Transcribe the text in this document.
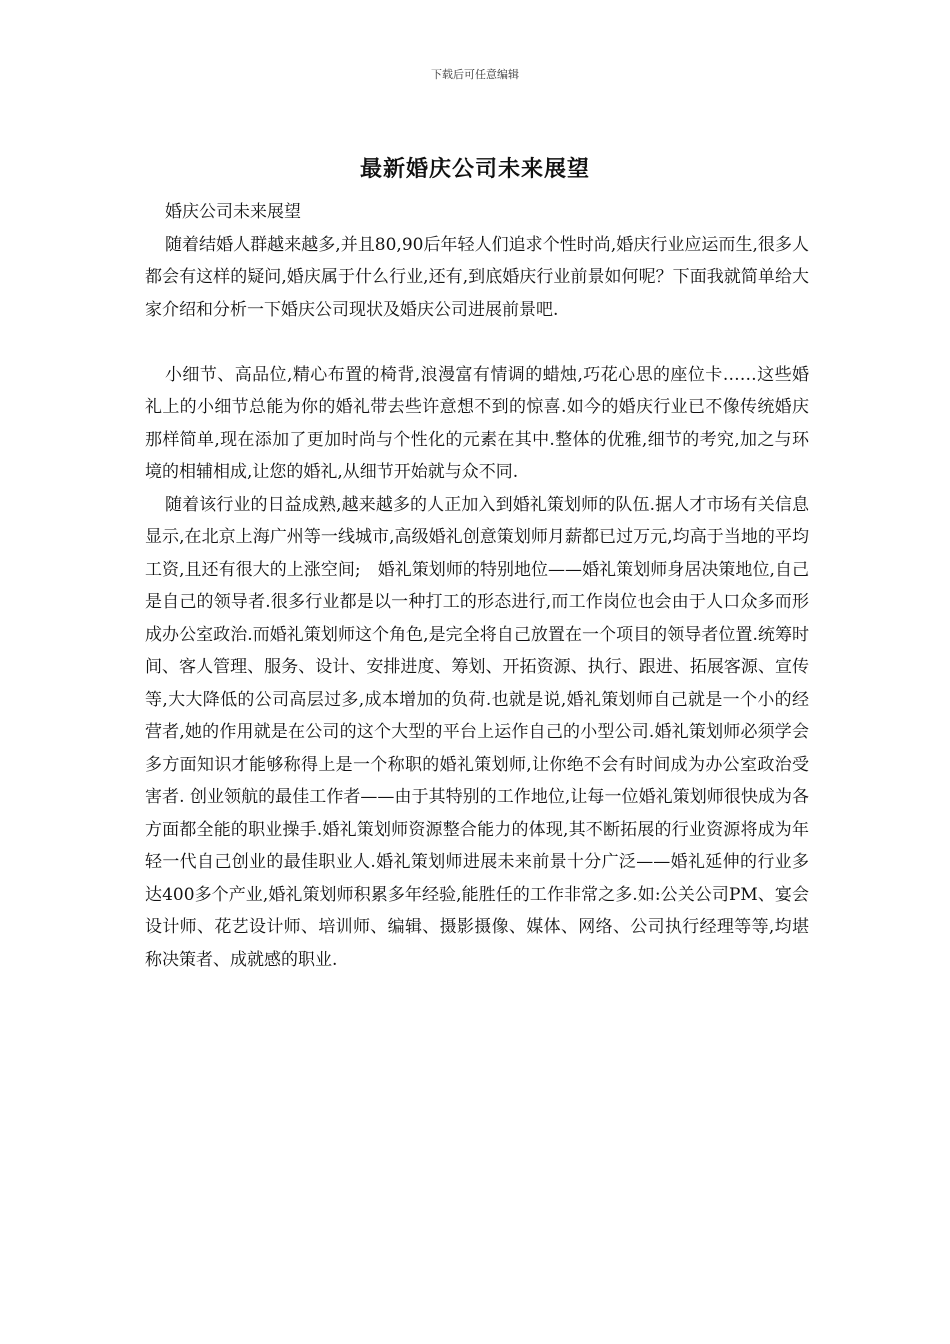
下载后可任意编辑
最新婚庆公司未来展望

婚庆公司未来展望

随着结婚人群越来越多,并且80,90后年轻人们追求个性时尚,婚庆行业应运而生,很多人都会有这样的疑问,婚庆属于什么行业,还有,到底婚庆行业前景如何呢？下面我就简单给大家介绍和分析一下婚庆公司现状及婚庆公司进展前景吧.

小细节、高品位,精心布置的椅背,浪漫富有情调的蜡烛,巧花心思的座位卡……这些婚礼上的小细节总能为你的婚礼带去些许意想不到的惊喜.如今的婚庆行业已不像传统婚庆那样简单,现在添加了更加时尚与个性化的元素在其中.整体的优雅,细节的考究,加之与环境的相辅相成,让您的婚礼,从细节开始就与众不同.

随着该行业的日益成熟,越来越多的人正加入到婚礼策划师的队伍.据人才市场有关信息显示,在北京上海广州等一线城市,高级婚礼创意策划师月薪都已过万元,均高于当地的平均工资,且还有很大的上涨空间;　婚礼策划师的特别地位——婚礼策划师身居决策地位,自己是自己的领导者.很多行业都是以一种打工的形态进行,而工作岗位也会由于人口众多而形成办公室政治.而婚礼策划师这个角色,是完全将自己放置在一个项目的领导者位置.统筹时间、客人管理、服务、设计、安排进度、筹划、开拓资源、执行、跟进、拓展客源、宣传等,大大降低的公司高层过多,成本增加的负荷.也就是说,婚礼策划师自己就是一个小的经营者,她的作用就是在公司的这个大型的平台上运作自己的小型公司.婚礼策划师必须学会多方面知识才能够称得上是一个称职的婚礼策划师,让你绝不会有时间成为办公室政治受害者. 创业领航的最佳工作者——由于其特别的工作地位,让每一位婚礼策划师很快成为各方面都全能的职业操手.婚礼策划师资源整合能力的体现,其不断拓展的行业资源将成为年轻一代自己创业的最佳职业人.婚礼策划师进展未来前景十分广泛——婚礼延伸的行业多达400多个产业,婚礼策划师积累多年经验,能胜任的工作非常之多.如:公关公司PM、宴会设计师、花艺设计师、培训师、编辑、摄影摄像、媒体、网络、公司执行经理等等,均堪称决策者、成就感的职业.
